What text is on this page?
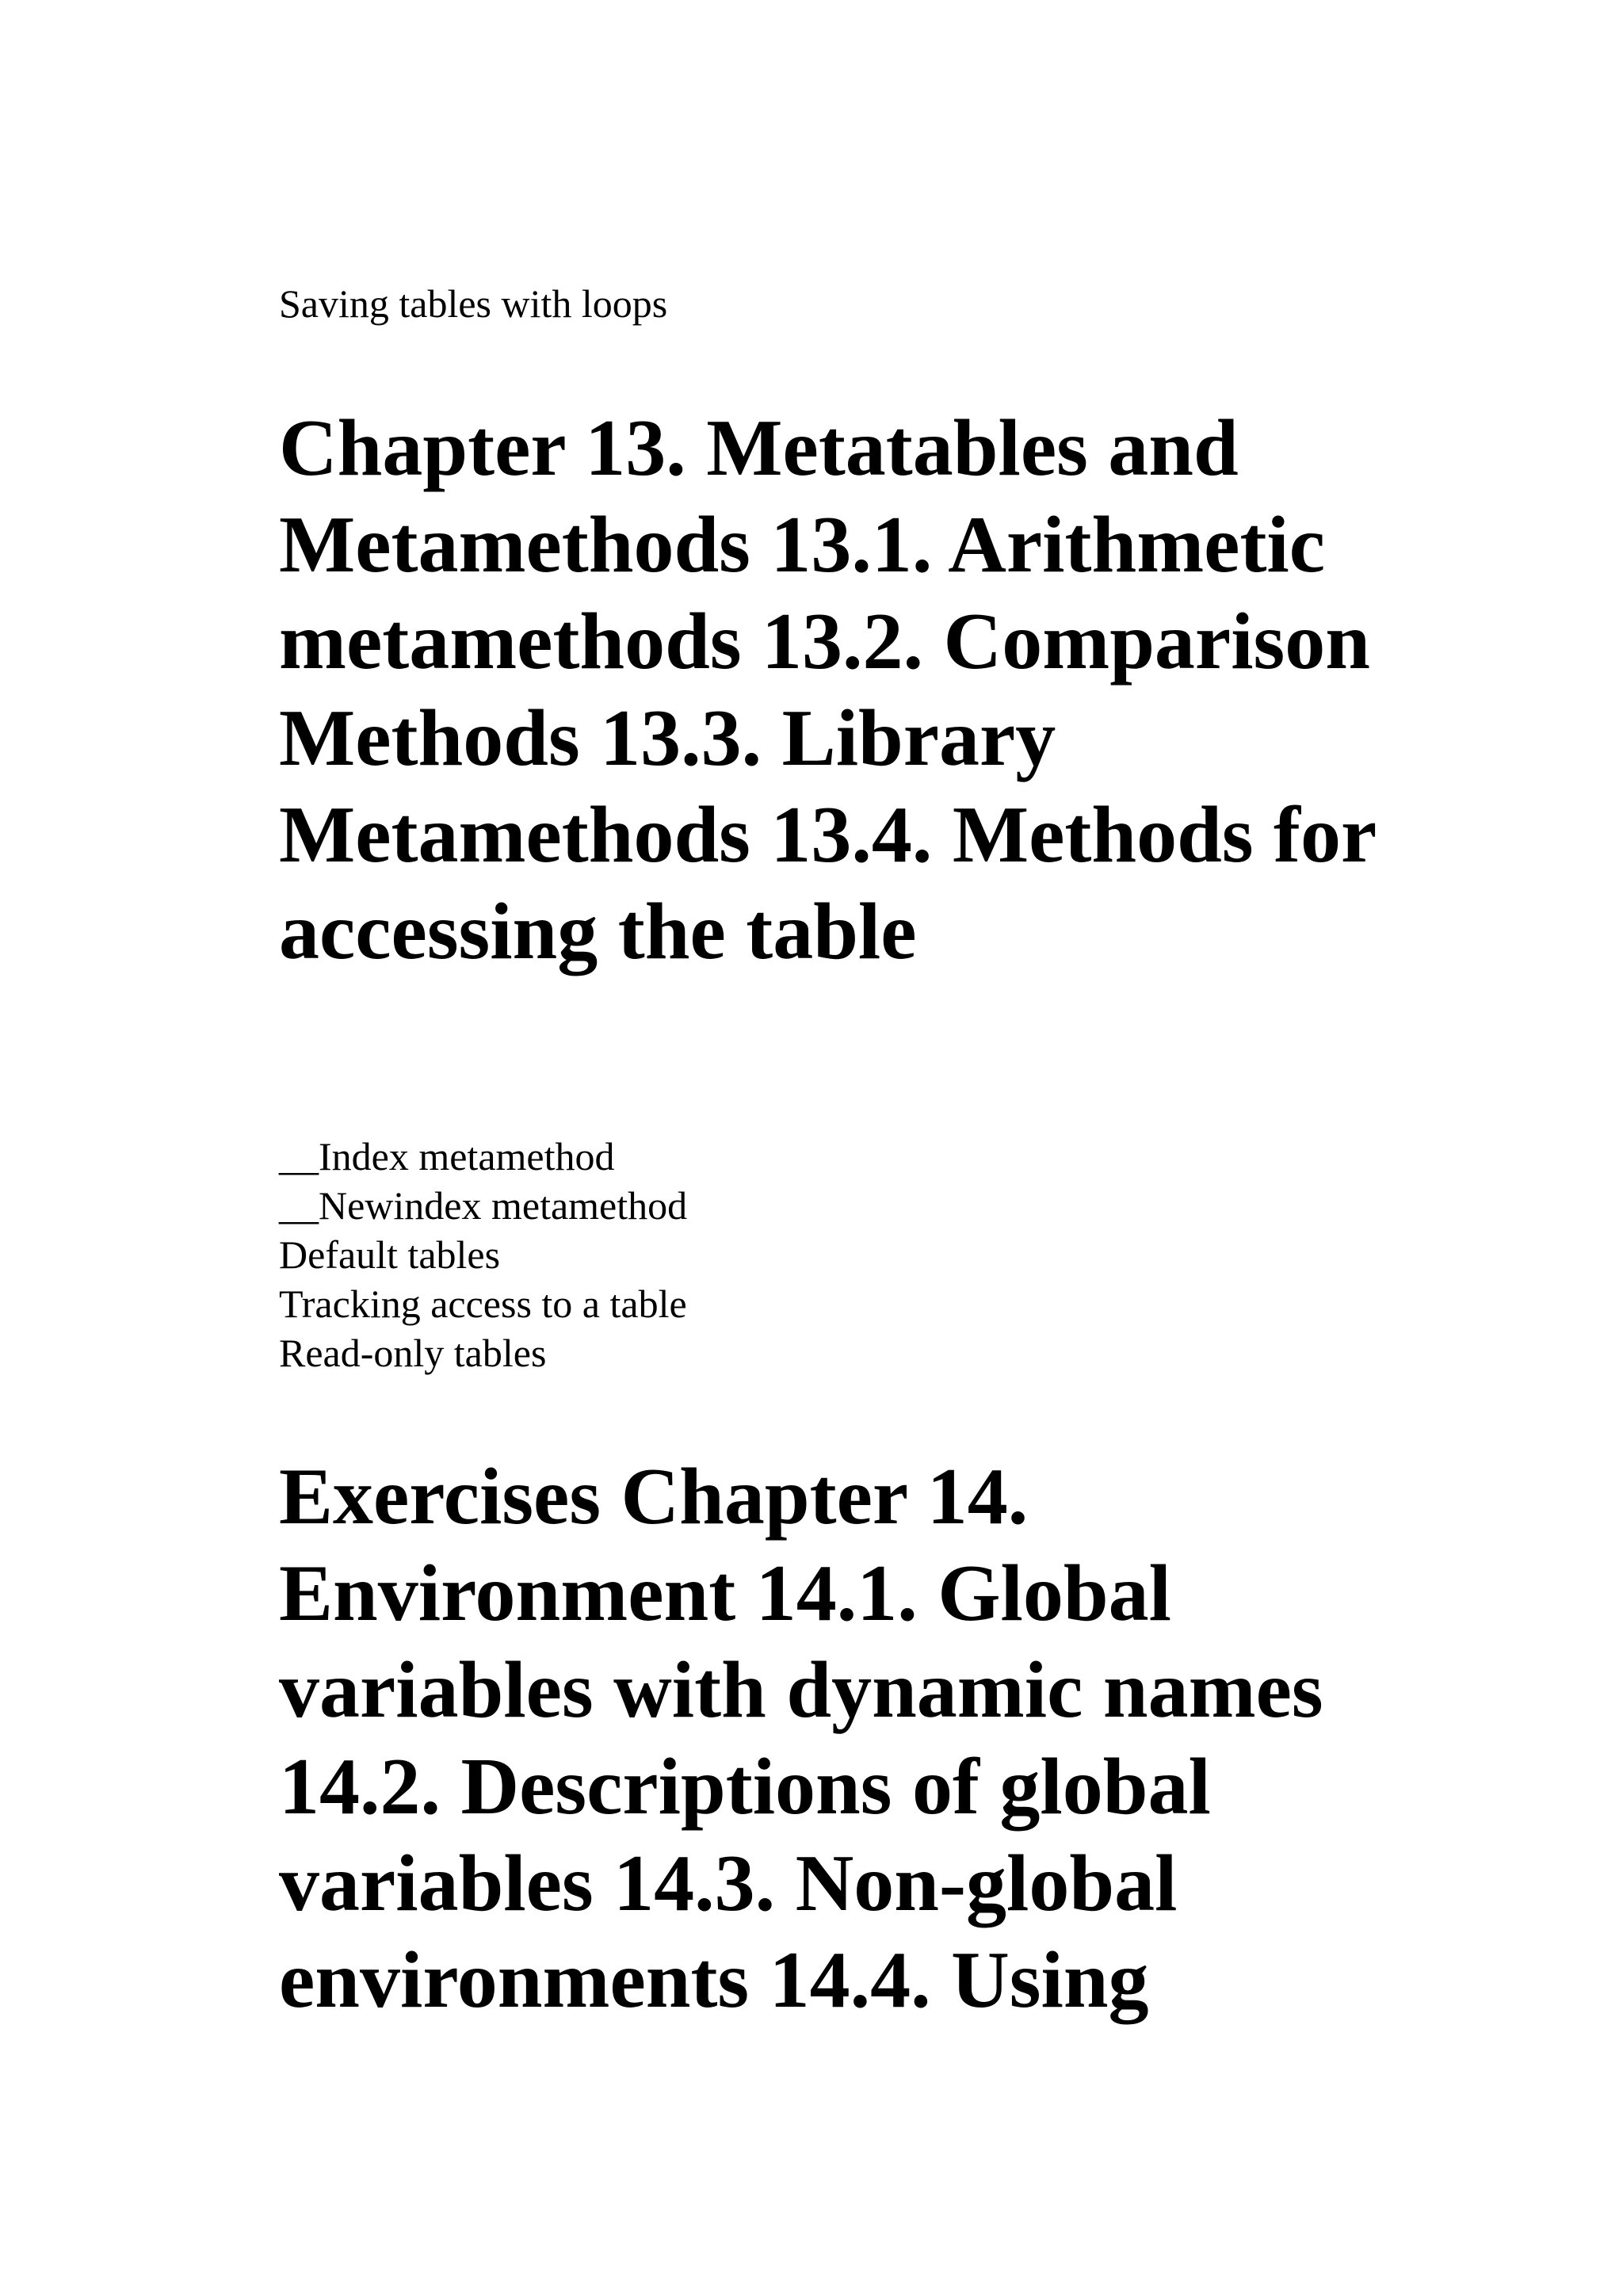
Saving tables with loops
Chapter 13. Metatables and Metamethods 13.1. Arithmetic metamethods 13.2. Comparison Methods 13.3. Library Metamethods 13.4. Methods for accessing the table
__Index metamethod
__Newindex metamethod
Default tables
Tracking access to a table
Read-only tables
Exercises Chapter 14. Environment 14.1. Global variables with dynamic names 14.2. Descriptions of global variables 14.3. Non-global environments 14.4. Using
